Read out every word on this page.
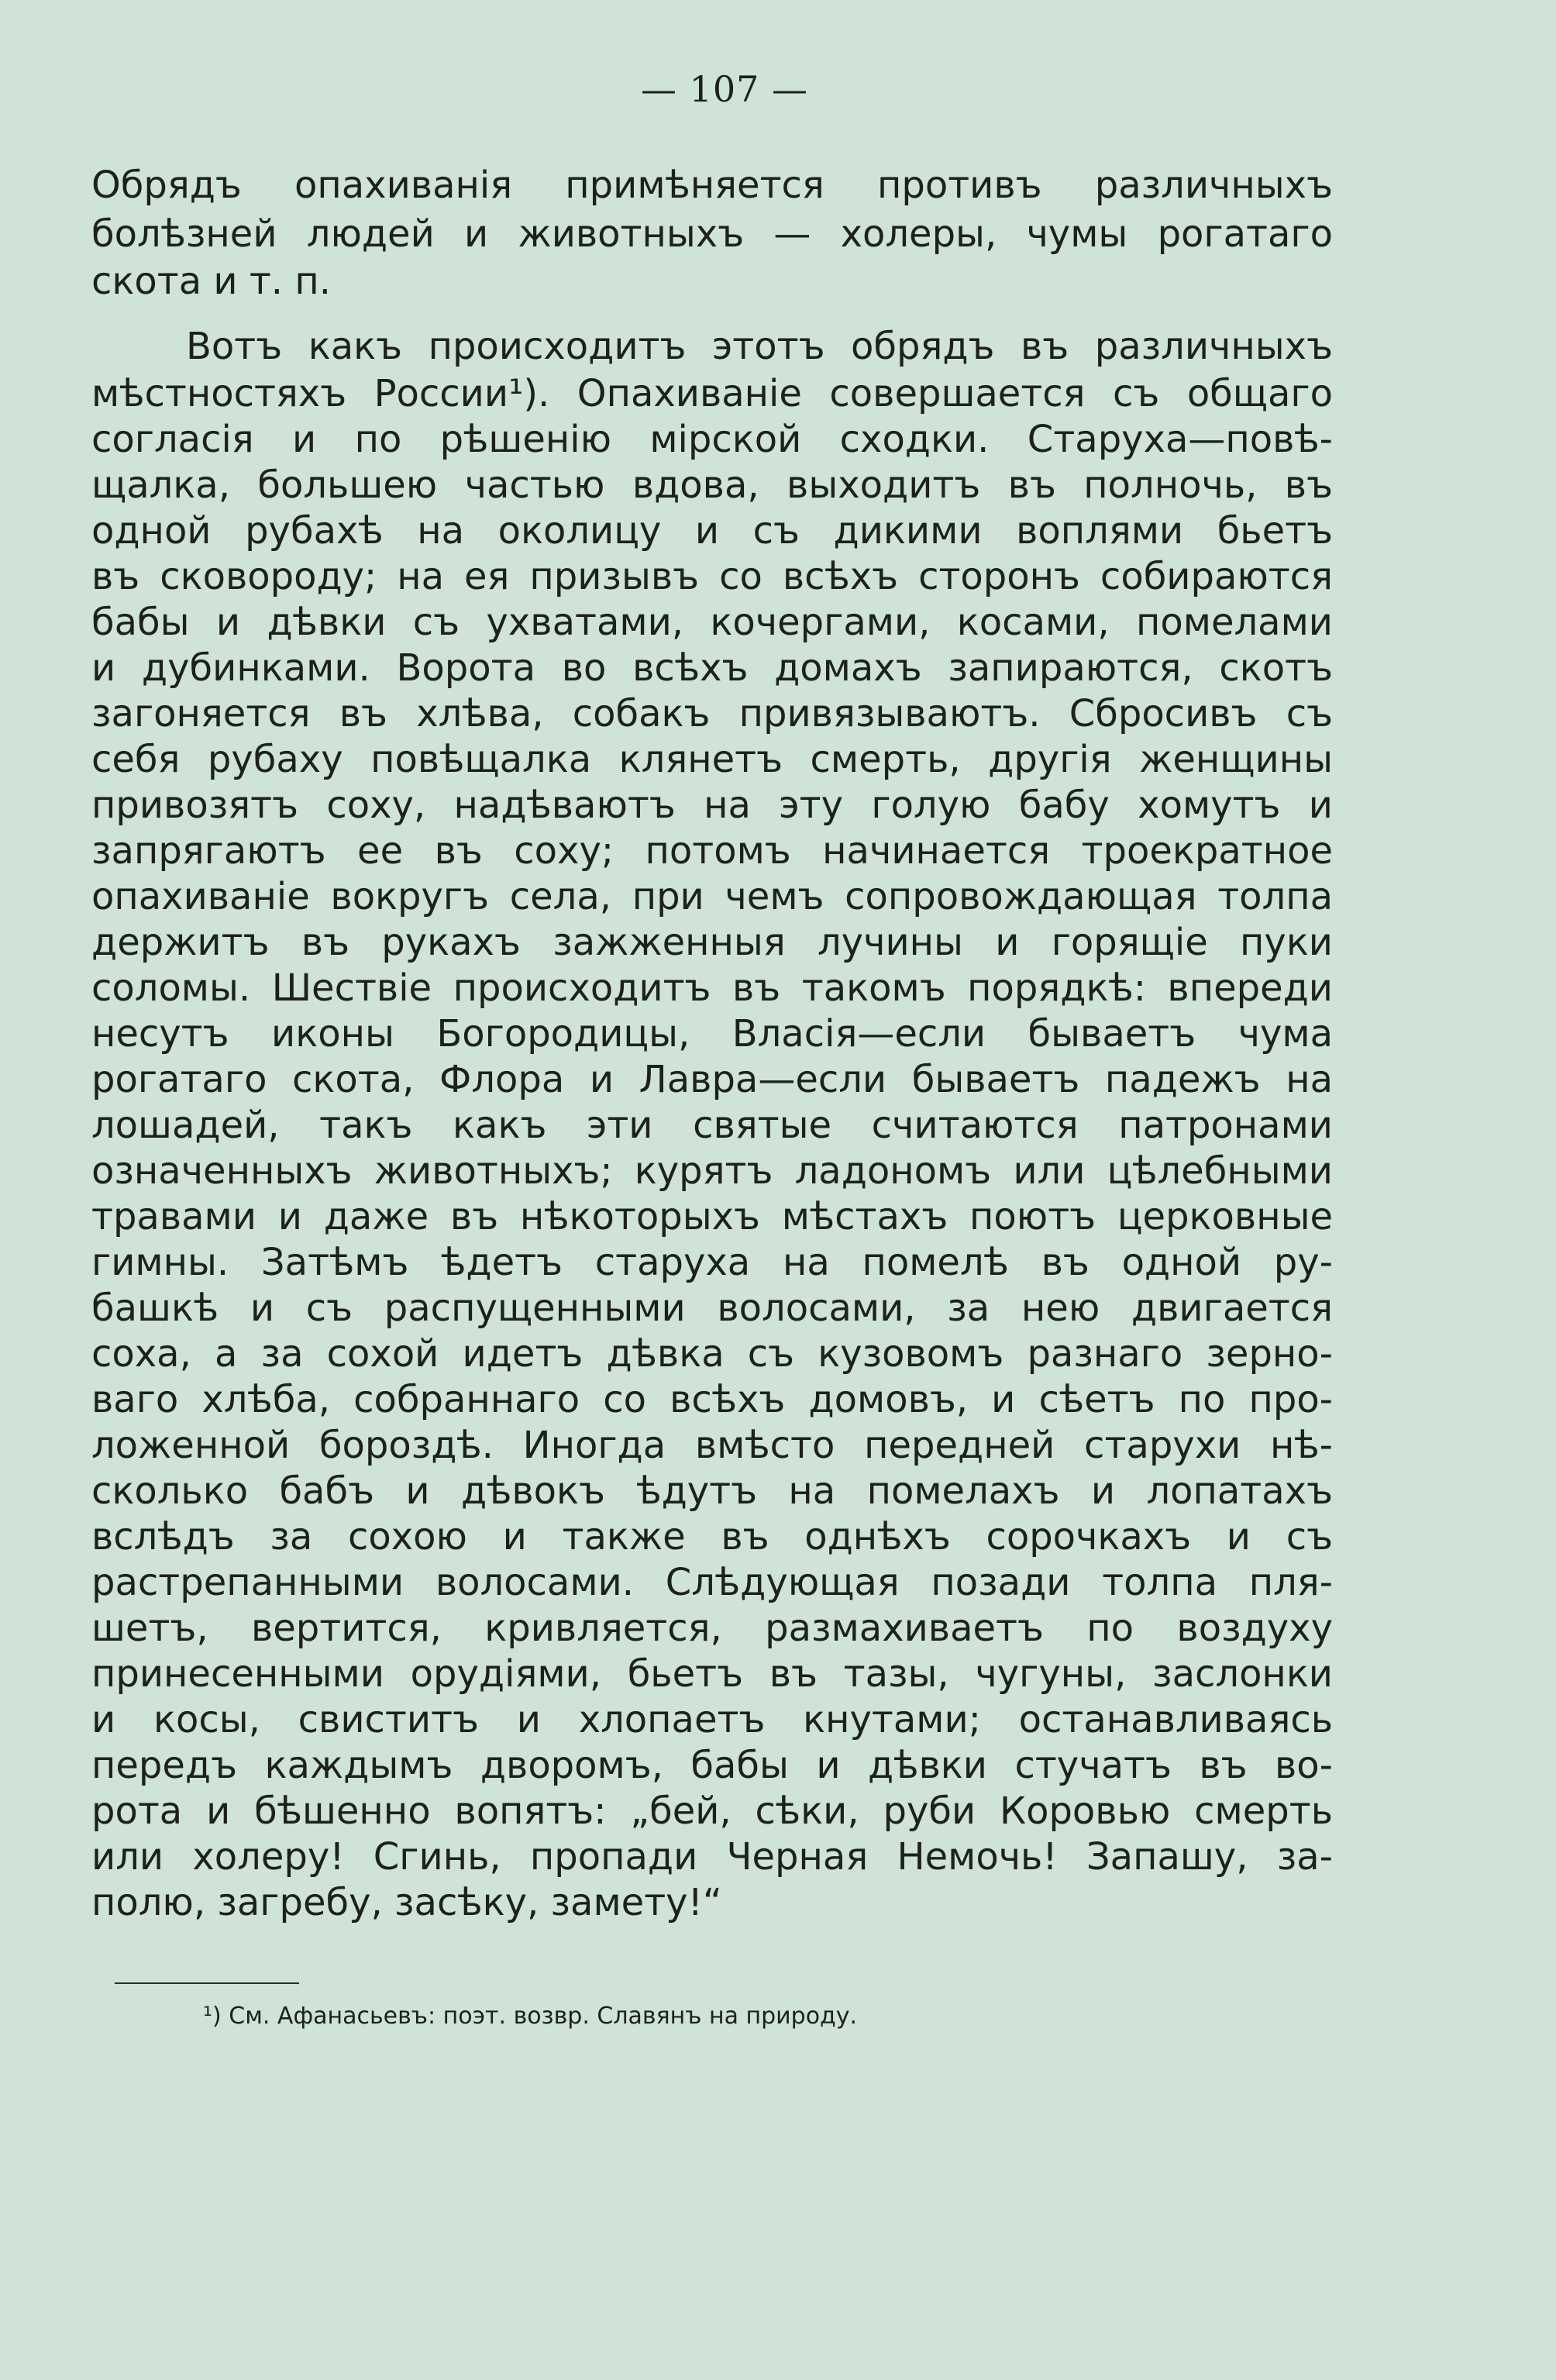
— 107 —
Обрядъ опахиванія примѣняется противъ различныхъ
болѣзней людей и животныхъ — холеры, чумы рогатаго
скота и т. п.
Вотъ какъ происходитъ этотъ обрядъ въ различныхъ
мѣстностяхъ России¹). Опахиваніе совершается съ общаго
согласія и по рѣшенію мірской сходки. Старуха—повѣ-
щалка, большею частью вдова, выходитъ въ полночь, въ
одной рубахѣ на околицу и съ дикими воплями бьетъ
въ сковороду; на ея призывъ со всѣхъ сторонъ собираются
бабы и дѣвки съ ухватами, кочергами, косами, помелами
и дубинками. Ворота во всѣхъ домахъ запираются, скотъ
загоняется въ хлѣва, собакъ привязываютъ. Сбросивъ съ
себя рубаху повѣщалка клянетъ смерть, другія женщины
привозятъ соху, надѣваютъ на эту голую бабу хомутъ и
запрягаютъ ее въ соху; потомъ начинается троекратное
опахиваніе вокругъ села, при чемъ сопровождающая толпа
держитъ въ рукахъ зажженныя лучины и горящіе пуки
соломы. Шествіе происходитъ въ такомъ порядкѣ: впереди
несутъ иконы Богородицы, Власія—если бываетъ чума
рогатаго скота, Флора и Лавра—если бываетъ падежъ на
лошадей, такъ какъ эти святые считаются патронами
означенныхъ животныхъ; курятъ ладономъ или цѣлебными
травами и даже въ нѣкоторыхъ мѣстахъ поютъ церковные
гимны. Затѣмъ ѣдетъ старуха на помелѣ въ одной ру-
башкѣ и съ распущенными волосами, за нею двигается
соха, а за сохой идетъ дѣвка съ кузовомъ разнаго зерно-
ваго хлѣба, собраннаго со всѣхъ домовъ, и сѣетъ по про-
ложенной бороздѣ. Иногда вмѣсто передней старухи нѣ-
сколько бабъ и дѣвокъ ѣдутъ на помелахъ и лопатахъ
вслѣдъ за сохою и также въ однѣхъ сорочкахъ и съ
растрепанными волосами. Слѣдующая позади толпа пля-
шетъ, вертится, кривляется, размахиваетъ по воздуху
принесенными орудіями, бьетъ въ тазы, чугуны, заслонки
и косы, свиститъ и хлопаетъ кнутами; останавливаясь
передъ каждымъ дворомъ, бабы и дѣвки стучатъ въ во-
рота и бѣшенно вопятъ: „бей, сѣки, руби Коровью смерть
или холеру! Сгинь, пропади Черная Немочь! Запашу, за-
полю, загребу, засѣку, замету!“
¹) См. Афанасьевъ: поэт. возвр. Славянъ на природу.
